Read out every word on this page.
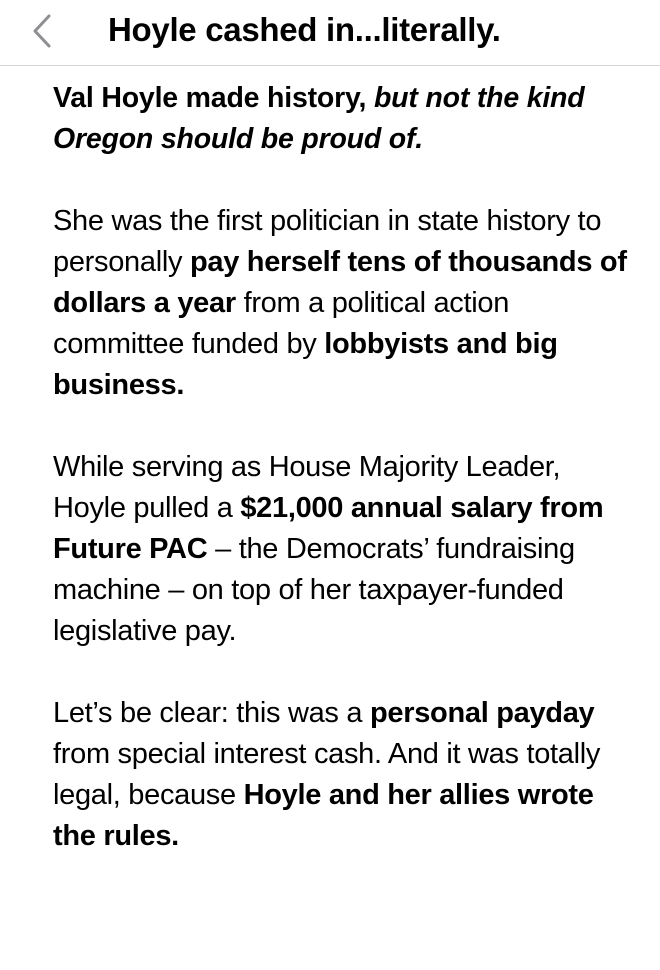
Hoyle cashed in...literally.

Val Hoyle made history, but not the kind Oregon should be proud of.

She was the first politician in state history to personally pay herself tens of thousands of dollars a year from a political action committee funded by lobbyists and big business.

While serving as House Majority Leader, Hoyle pulled a $21,000 annual salary from Future PAC – the Democrats’ fundraising machine – on top of her taxpayer-funded legislative pay.

Let’s be clear: this was a personal payday from special interest cash. And it was totally legal, because Hoyle and her allies wrote the rules.
